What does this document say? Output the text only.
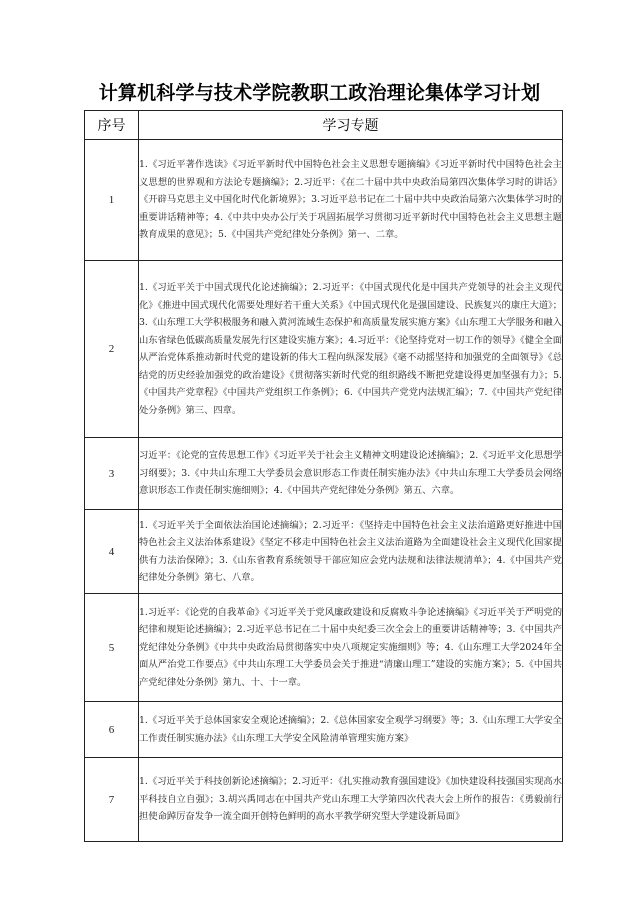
计算机科学与技术学院教职工政治理论集体学习计划
序号	学习专题
1	1.《习近平著作选读》《习近平新时代中国特色社会主义思想专题摘编》《习近平新时代中国特色社会主义思想的世界观和方法论专题摘编》；2.习近平：《在二十届中共中央政治局第四次集体学习时的讲话》《开辟马克思主义中国化时代化新境界》；3.习近平总书记在二十届中共中央政治局第六次集体学习时的重要讲话精神等；4.《中共中央办公厅关于巩固拓展学习贯彻习近平新时代中国特色社会主义思想主题教育成果的意见》；5.《中国共产党纪律处分条例》第一、二章。
2	1.《习近平关于中国式现代化论述摘编》；2.习近平：《中国式现代化是中国共产党领导的社会主义现代化》《推进中国式现代化需要处理好若干重大关系》《中国式现代化是强国建设、民族复兴的康庄大道》；3.《山东理工大学积极服务和融入黄河流域生态保护和高质量发展实施方案》《山东理工大学服务和融入山东省绿色低碳高质量发展先行区建设实施方案》；4.习近平：《论坚持党对一切工作的领导》《健全全面从严治党体系推动新时代党的建设新的伟大工程向纵深发展》《毫不动摇坚持和加强党的全面领导》《总结党的历史经验加强党的政治建设》《贯彻落实新时代党的组织路线不断把党建设得更加坚强有力》；5.《中国共产党章程》《中国共产党组织工作条例》；6.《中国共产党党内法规汇编》；7.《中国共产党纪律处分条例》第三、四章。
3	习近平：《论党的宣传思想工作》《习近平关于社会主义精神文明建设论述摘编》；2.《习近平文化思想学习纲要》；3.《中共山东理工大学委员会意识形态工作责任制实施办法》《中共山东理工大学委员会网络意识形态工作责任制实施细则》；4.《中国共产党纪律处分条例》第五、六章。
4	1.《习近平关于全面依法治国论述摘编》；2.习近平：《坚持走中国特色社会主义法治道路更好推进中国特色社会主义法治体系建设》《坚定不移走中国特色社会主义法治道路为全面建设社会主义现代化国家提供有力法治保障》；3.《山东省教育系统领导干部应知应会党内法规和法律法规清单》；4.《中国共产党纪律处分条例》第七、八章。
5	1.习近平：《论党的自我革命》《习近平关于党风廉政建设和反腐败斗争论述摘编》《习近平关于严明党的纪律和规矩论述摘编》；2.习近平总书记在二十届中央纪委三次全会上的重要讲话精神等；3.《中国共产党纪律处分条例》《中共中央政治局贯彻落实中央八项规定实施细则》等；4.《山东理工大学2024年全面从严治党工作要点》《中共山东理工大学委员会关于推进“清廉山理工”建设的实施方案》；5.《中国共产党纪律处分条例》第九、十、十一章。
6	1.《习近平关于总体国家安全观论述摘编》；2.《总体国家安全观学习纲要》等；3.《山东理工大学安全工作责任制实施办法》《山东理工大学安全风险清单管理实施方案》
7	1.《习近平关于科技创新论述摘编》；2.习近平：《扎实推动教育强国建设》《加快建设科技强国实现高水平科技自立自强》；3.胡兴禹同志在中国共产党山东理工大学第四次代表大会上所作的报告：《勇毅前行担使命踔厉奋发争一流全面开创特色鲜明的高水平教学研究型大学建设新局面》
